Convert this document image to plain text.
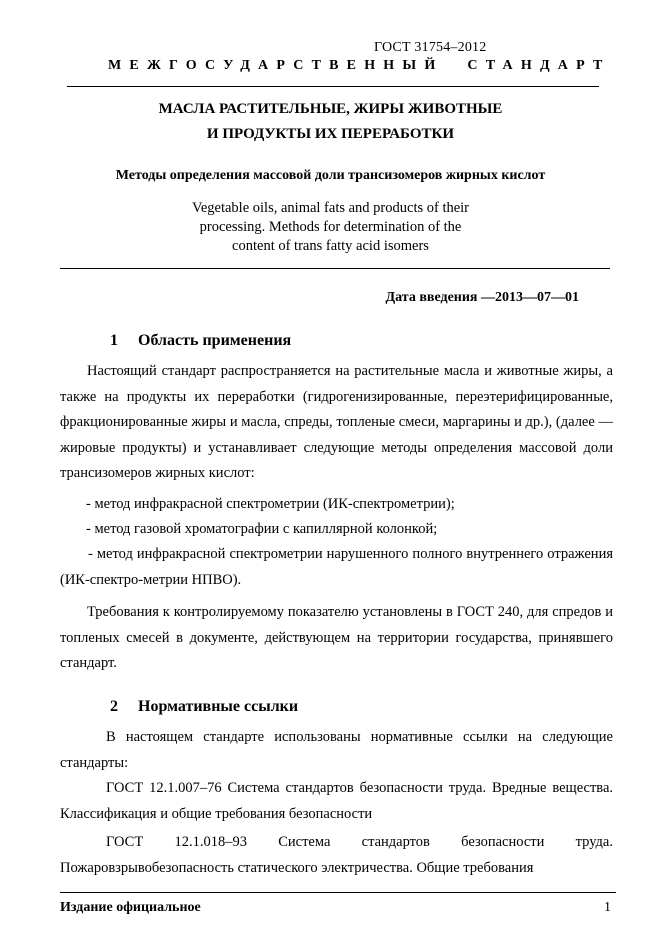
ГОСТ 31754–2012
МЕЖГОСУДАРСТВЕННЫЙ СТАНДАРТ
МАСЛА РАСТИТЕЛЬНЫЕ, ЖИРЫ ЖИВОТНЫЕ
И ПРОДУКТЫ ИХ ПЕРЕРАБОТКИ
Методы определения массовой доли трансизомеров жирных кислот
Vegetable oils, animal fats and products of their
processing. Methods for determination of the
content of trans fatty acid isomers
Дата введения —2013—07—01
1 Область применения
Настоящий стандарт распространяется на растительные масла и животные жиры, а также на продукты их переработки (гидрогенизированные, переэтерифицированные, фракционированные жиры и масла, спреды, топленые смеси, маргарины и др.), (далее — жировые продукты) и устанавливает следующие методы определения массовой доли трансизомеров жирных кислот:
- метод инфракрасной спектрометрии (ИК-спектрометрии);
- метод газовой хроматографии с капиллярной колонкой;
- метод инфракрасной спектрометрии нарушенного полного внутреннего отражения (ИК-спектро-метрии НПВО).
Требования к контролируемому показателю установлены в ГОСТ 240, для спредов и топленых смесей в документе, действующем на территории государства, принявшего стандарт.
2 Нормативные ссылки
В настоящем стандарте использованы нормативные ссылки на следующие стандарты:
ГОСТ 12.1.007–76 Система стандартов безопасности труда. Вредные вещества. Классификация и общие требования безопасности
ГОСТ 12.1.018–93 Система стандартов безопасности труда. Пожаровзрывобезопасность статического электричества. Общие требования
Издание официальное	1
